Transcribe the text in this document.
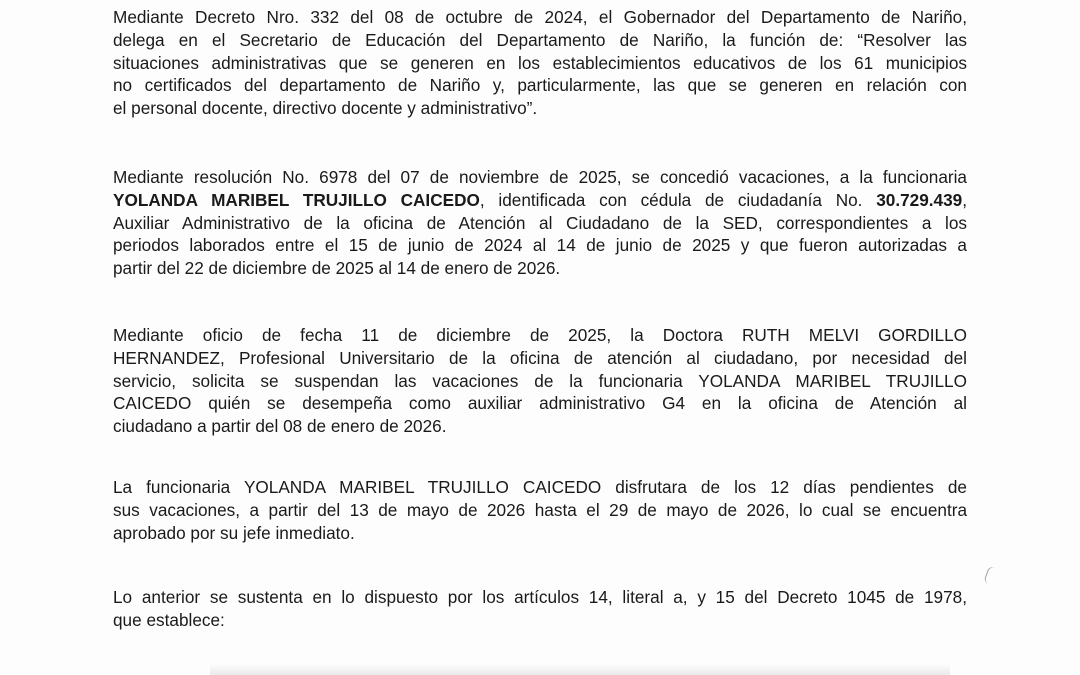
Mediante Decreto Nro. 332 del 08 de octubre de 2024, el Gobernador del Departamento de Nariño,
delega en el Secretario de Educación del Departamento de Nariño, la función de: “Resolver las
situaciones administrativas que se generen en los establecimientos educativos de los 61 municipios
no certificados del departamento de Nariño y, particularmente, las que se generen en relación con
el personal docente, directivo docente y administrativo”.

Mediante resolución No. 6978 del 07 de noviembre de 2025, se concedió vacaciones, a la funcionaria
YOLANDA MARIBEL TRUJILLO CAICEDO, identificada con cédula de ciudadanía No. 30.729.439,
Auxiliar Administrativo de la oficina de Atención al Ciudadano de la SED, correspondientes a los
periodos laborados entre el 15 de junio de 2024 al 14 de junio de 2025 y que fueron autorizadas a
partir del 22 de diciembre de 2025 al 14 de enero de 2026.

Mediante oficio de fecha 11 de diciembre de 2025, la Doctora RUTH MELVI GORDILLO
HERNANDEZ, Profesional Universitario de la oficina de atención al ciudadano, por necesidad del
servicio, solicita se suspendan las vacaciones de la funcionaria YOLANDA MARIBEL TRUJILLO
CAICEDO quién se desempeña como auxiliar administrativo G4 en la oficina de Atención al
ciudadano a partir del 08 de enero de 2026.

La funcionaria YOLANDA MARIBEL TRUJILLO CAICEDO disfrutara de los 12 días pendientes de
sus vacaciones, a partir del 13 de mayo de 2026 hasta el 29 de mayo de 2026, lo cual se encuentra
aprobado por su jefe inmediato.

Lo anterior se sustenta en lo dispuesto por los artículos 14, literal a, y 15 del Decreto 1045 de 1978,
que establece:
